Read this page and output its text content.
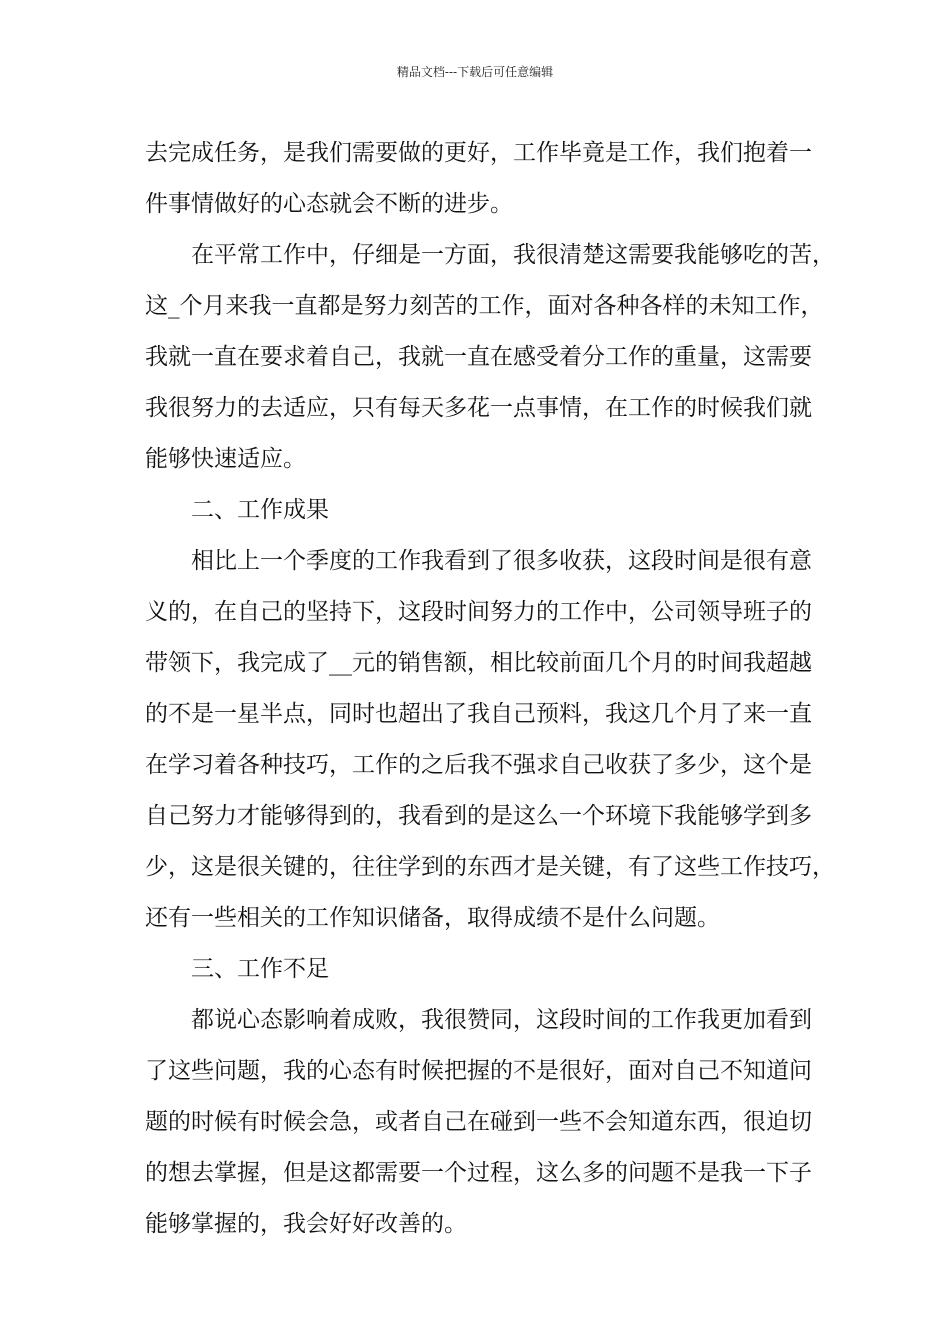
精品文档---下载后可任意编辑
去完成任务，是我们需要做的更好，工作毕竟是工作，我们抱着一
件事情做好的心态就会不断的进步。
在平常工作中，仔细是一方面，我很清楚这需要我能够吃的苦，
这_个月来我一直都是努力刻苦的工作，面对各种各样的未知工作，
我就一直在要求着自己，我就一直在感受着分工作的重量，这需要
我很努力的去适应，只有每天多花一点事情，在工作的时候我们就
能够快速适应。
二、工作成果
相比上一个季度的工作我看到了很多收获，这段时间是很有意
义的，在自己的坚持下，这段时间努力的工作中，公司领导班子的
带领下，我完成了__元的销售额，相比较前面几个月的时间我超越
的不是一星半点，同时也超出了我自己预料，我这几个月了来一直
在学习着各种技巧，工作的之后我不强求自己收获了多少，这个是
自己努力才能够得到的，我看到的是这么一个环境下我能够学到多
少，这是很关键的，往往学到的东西才是关键，有了这些工作技巧，
还有一些相关的工作知识储备，取得成绩不是什么问题。
三、工作不足
都说心态影响着成败，我很赞同，这段时间的工作我更加看到
了这些问题，我的心态有时候把握的不是很好，面对自己不知道问
题的时候有时候会急，或者自己在碰到一些不会知道东西，很迫切
的想去掌握，但是这都需要一个过程，这么多的问题不是我一下子
能够掌握的，我会好好改善的。
